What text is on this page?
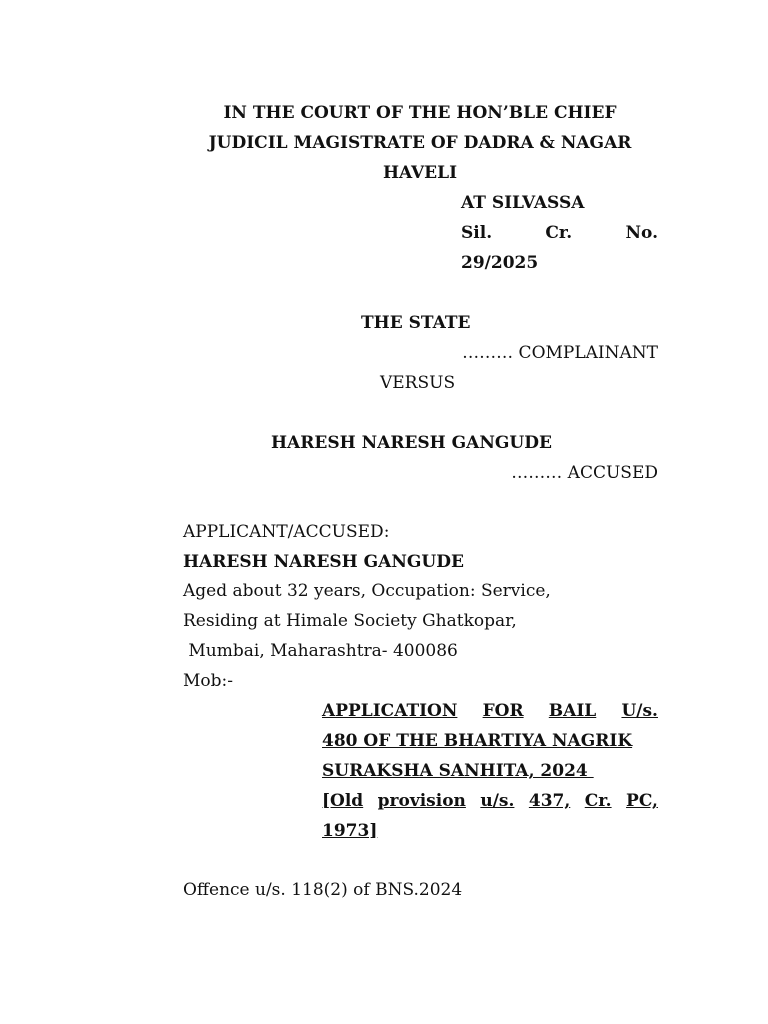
IN THE COURT OF THE HON’BLE CHIEF
JUDICIL MAGISTRATE OF DADRA & NAGAR
HAVELI
AT SILVASSA
Sil.	Cr.	No.
29/2025
THE STATE
……… COMPLAINANT
VERSUS
HARESH NARESH GANGUDE
……… ACCUSED
APPLICANT/ACCUSED:
HARESH NARESH GANGUDE
Aged about 32 years, Occupation: Service,
Residing at Himale Society Ghatkopar,
Mumbai, Maharashtra- 400086
Mob:-
APPLICATION FOR BAIL U/s.
480 OF THE BHARTIYA NAGRIK
SURAKSHA SANHITA, 2024
[Old provision u/s. 437, Cr. PC,
1973]
Offence u/s. 118(2) of BNS.2024
